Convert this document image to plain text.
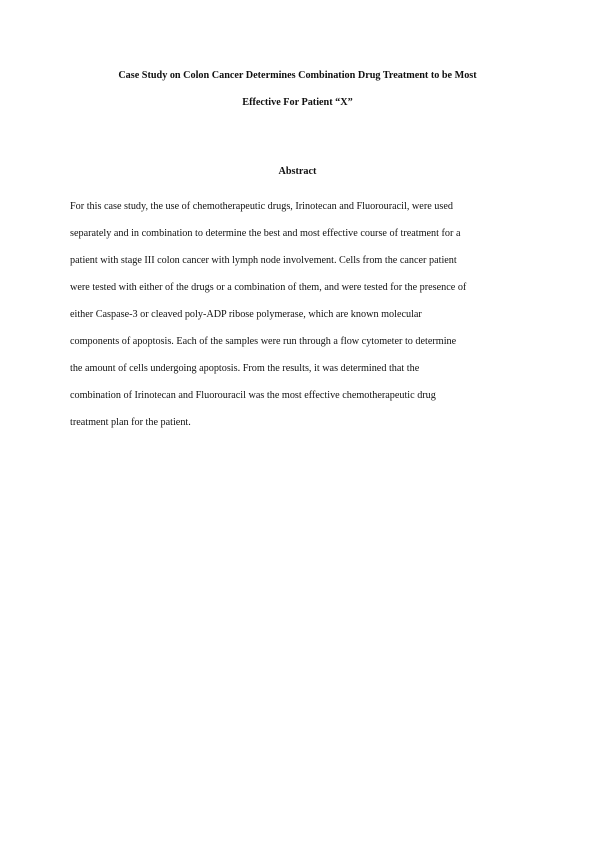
Case Study on Colon Cancer Determines Combination Drug Treatment to be Most
Effective For Patient “X”
Abstract
For this case study, the use of chemotherapeutic drugs, Irinotecan and Fluorouracil, were used
separately and in combination to determine the best and most effective course of treatment for a
patient with stage III colon cancer with lymph node involvement. Cells from the cancer patient
were tested with either of the drugs or a combination of them, and were tested for the presence of
either Caspase-3 or cleaved poly-ADP ribose polymerase, which are known molecular
components of apoptosis. Each of the samples were run through a flow cytometer to determine
the amount of cells undergoing apoptosis. From the results, it was determined that the
combination of Irinotecan and Fluorouracil was the most effective chemotherapeutic drug
treatment plan for the patient.
